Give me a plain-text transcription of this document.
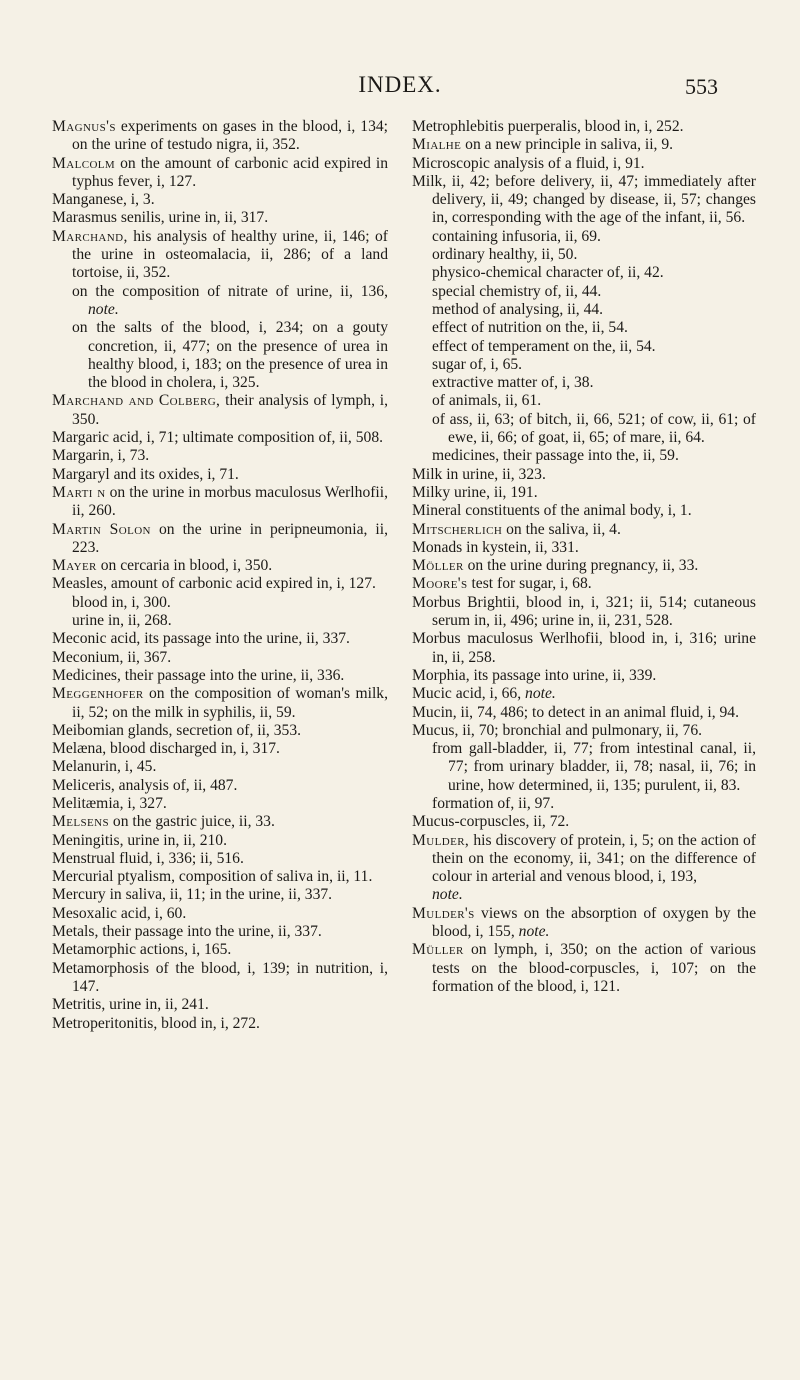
INDEX.	553

Magnus's experiments on gases in the blood, i, 134; on the urine of testudo nigra, ii, 352.

Malcolm on the amount of carbonic acid expired in typhus fever, i, 127.

Manganese, i, 3.

Marasmus senilis, urine in, ii, 317.

Marchand, his analysis of healthy urine, ii, 146; of the urine in osteomalacia, ii, 286; of a land tortoise, ii, 352.

on the composition of nitrate of urine, ii, 136, note.

on the salts of the blood, i, 234; on a gouty concretion, ii, 477; on the presence of urea in healthy blood, i, 183; on the presence of urea in the blood in cholera, i, 325.

Marchand and Colberg, their analysis of lymph, i, 350.

Margaric acid, i, 71; ultimate composition of, ii, 508.

Margarin, i, 73.

Margaryl and its oxides, i, 71.

Marti n on the urine in morbus maculosus Werlhofii, ii, 260.

Martin Solon on the urine in peripneumonia, ii, 223.

Mayer on cercaria in blood, i, 350.

Measles, amount of carbonic acid expired in, i, 127.

blood in, i, 300.

urine in, ii, 268.

Meconic acid, its passage into the urine, ii, 337.

Meconium, ii, 367.

Medicines, their passage into the urine, ii, 336.

Meggenhofer on the composition of woman's milk, ii, 52; on the milk in syphilis, ii, 59.

Meibomian glands, secretion of, ii, 353.

Melæna, blood discharged in, i, 317.

Melanurin, i, 45.

Meliceris, analysis of, ii, 487.

Melitæmia, i, 327.

Melsens on the gastric juice, ii, 33.

Meningitis, urine in, ii, 210.

Menstrual fluid, i, 336; ii, 516.

Mercurial ptyalism, composition of saliva in, ii, 11.

Mercury in saliva, ii, 11; in the urine, ii, 337.

Mesoxalic acid, i, 60.

Metals, their passage into the urine, ii, 337.

Metamorphic actions, i, 165.

Metamorphosis of the blood, i, 139; in nutrition, i, 147.

Metritis, urine in, ii, 241.

Metroperitonitis, blood in, i, 272.

Metrophlebitis puerperalis, blood in, i, 252.

Mialhe on a new principle in saliva, ii, 9.

Microscopic analysis of a fluid, i, 91.

Milk, ii, 42; before delivery, ii, 47; immediately after delivery, ii, 49; changed by disease, ii, 57; changes in, corresponding with the age of the infant, ii, 56.

containing infusoria, ii, 69.

ordinary healthy, ii, 50.

physico-chemical character of, ii, 42.

special chemistry of, ii, 44.

method of analysing, ii, 44.

effect of nutrition on the, ii, 54.

effect of temperament on the, ii, 54.

sugar of, i, 65.

extractive matter of, i, 38.

of animals, ii, 61.

of ass, ii, 63; of bitch, ii, 66, 521; of cow, ii, 61; of ewe, ii, 66; of goat, ii, 65; of mare, ii, 64.

medicines, their passage into the, ii, 59.

Milk in urine, ii, 323.

Milky urine, ii, 191.

Mineral constituents of the animal body, i, 1.

Mitscherlich on the saliva, ii, 4.

Monads in kystein, ii, 331.

Möller on the urine during pregnancy, ii, 33.

Moore's test for sugar, i, 68.

Morbus Brightii, blood in, i, 321; ii, 514; cutaneous serum in, ii, 496; urine in, ii, 231, 528.

Morbus maculosus Werlhofii, blood in, i, 316; urine in, ii, 258.

Morphia, its passage into urine, ii, 339.

Mucic acid, i, 66, note.

Mucin, ii, 74, 486; to detect in an animal fluid, i, 94.

Mucus, ii, 70; bronchial and pulmonary, ii, 76.

from gall-bladder, ii, 77; from intestinal canal, ii, 77; from urinary bladder, ii, 78; nasal, ii, 76; in urine, how determined, ii, 135; purulent, ii, 83.

formation of, ii, 97.

Mucus-corpuscles, ii, 72.

Mulder, his discovery of protein, i, 5; on the action of thein on the economy, ii, 341; on the difference of colour in arterial and venous blood, i, 193,
note.

Mulder's views on the absorption of oxygen by the blood, i, 155, note.

Müller on lymph, i, 350; on the action of various tests on the blood-corpuscles, i, 107; on the formation of the blood, i, 121.
